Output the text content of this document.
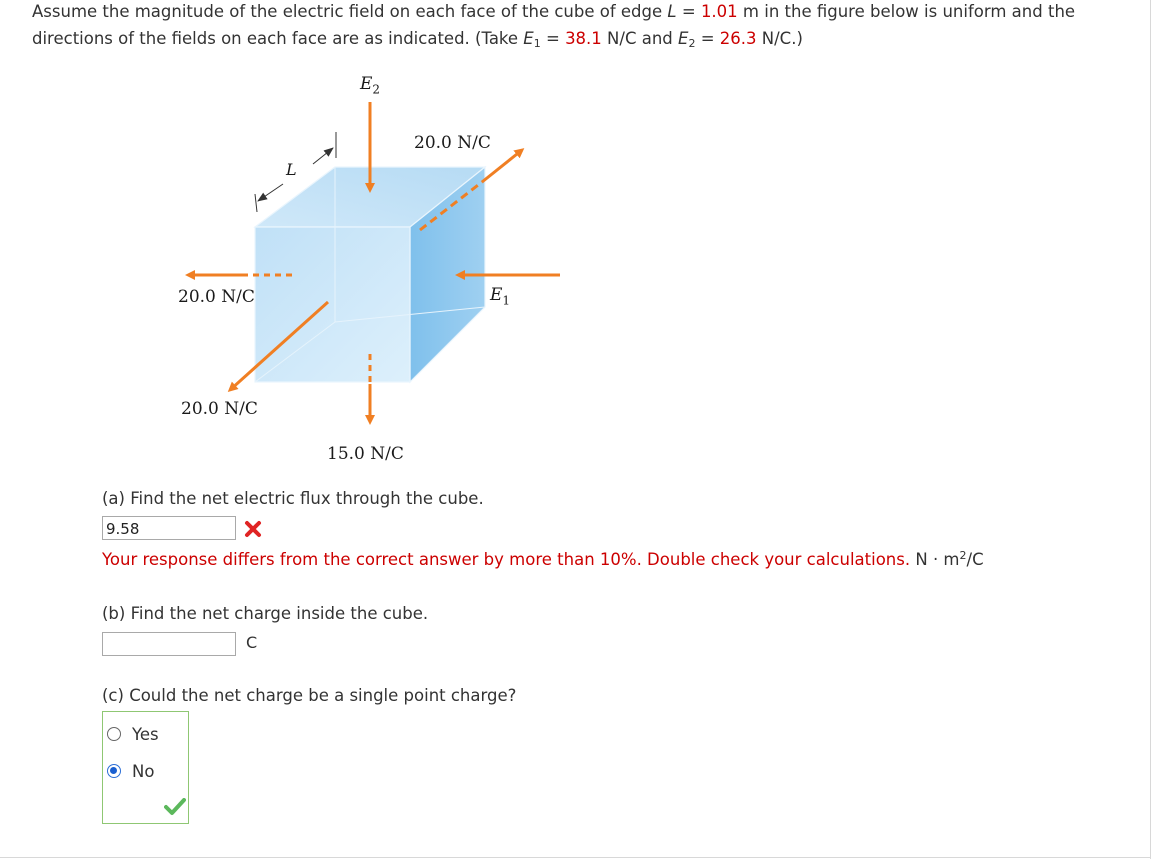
Assume the magnitude of the electric field on each face of the cube of edge L = 1.01 m in the figure below is uniform and the directions of the fields on each face are as indicated. (Take $E_1 = 38.1$ N/C and $E_2 = 26.3$ N/C.)
$E_2$
20.0 N/C
L
20.0 N/C	$E_1$
20.0 N/C
15.0 N/C
(a) Find the net electric flux through the cube.
9.58
Your response differs from the correct answer by more than 10%. Double check your calculations. $N \cdot m^2/C$
(b) Find the net charge inside the cube.
C
(c) Could the net charge be a single point charge?
Yes
No
